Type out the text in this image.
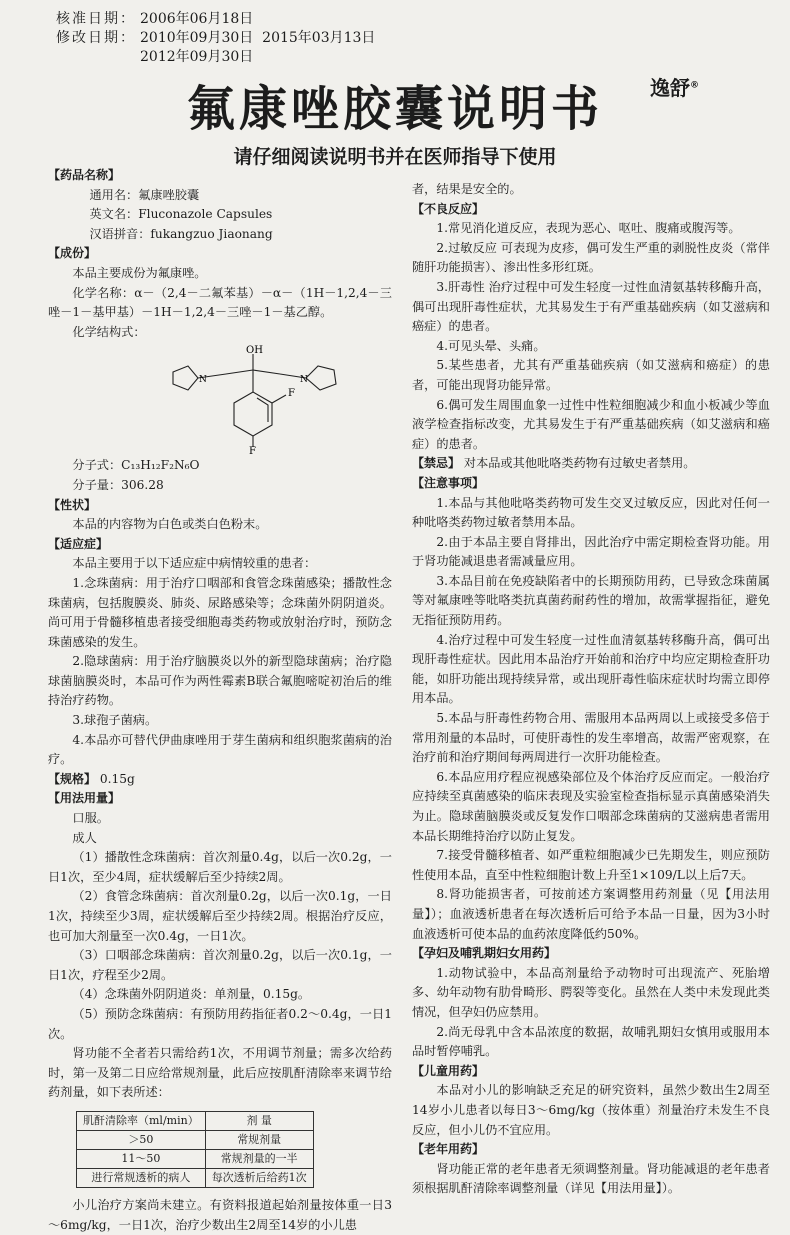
核准日期： 2006年06月18日
修改日期： 2010年09月30日 2015年03月13日
2012年09月30日
逸舒®
氟康唑胶囊说明书
请仔细阅读说明书并在医师指导下使用

【药品名称】

通用名：氟康唑胶囊

英文名：Fluconazole Capsules

汉语拼音：fukangzuo Jiaonang

【成份】

本品主要成份为氟康唑。

化学名称：α－（2,4－二氟苯基）－α－（1H－1,2,4－三唑－1－基甲基）－1H－1,2,4－三唑－1－基乙醇。

化学结构式：

OH
F
F
N	N

分子式：C₁₃H₁₂F₂N₆O

分子量：306.28

【性状】

本品的内容物为白色或类白色粉末。

【适应症】

本品主要用于以下适应症中病情较重的患者：

1.念珠菌病：用于治疗口咽部和食管念珠菌感染；播散性念珠菌病，包括腹膜炎、肺炎、尿路感染等；念珠菌外阴阴道炎。尚可用于骨髓移植患者接受细胞毒类药物或放射治疗时，预防念珠菌感染的发生。

2.隐球菌病：用于治疗脑膜炎以外的新型隐球菌病；治疗隐球菌脑膜炎时，本品可作为两性霉素B联合氟胞嘧啶初治后的维持治疗药物。

3.球孢子菌病。

4.本品亦可替代伊曲康唑用于芽生菌病和组织胞浆菌病的治疗。

【规格】 0.15g

【用法用量】

口服。

成人

（1）播散性念珠菌病：首次剂量0.4g，以后一次0.2g，一日1次，至少4周，症状缓解后至少持续2周。

（2）食管念珠菌病：首次剂量0.2g，以后一次0.1g，一日1次，持续至少3周，症状缓解后至少持续2周。根据治疗反应，也可加大剂量至一次0.4g，一日1次。

（3）口咽部念珠菌病：首次剂量0.2g，以后一次0.1g，一日1次，疗程至少2周。

（4）念珠菌外阴阴道炎：单剂量，0.15g。

（5）预防念珠菌病：有预防用药指征者0.2～0.4g，一日1次。

肾功能不全者若只需给药1次，不用调节剂量；需多次给药时，第一及第二日应给常规剂量，此后应按肌酐清除率来调节给药剂量，如下表所述：

肌酐清除率（ml/min）	剂 量
＞50	常规剂量
11～50	常规剂量的一半
进行常规透析的病人	每次透析后给药1次

小儿治疗方案尚未建立。有资料报道起始剂量按体重一日3～6mg/kg，一日1次，治疗少数出生2周至14岁的小儿患

者，结果是安全的。

【不良反应】

1.常见消化道反应，表现为恶心、呕吐、腹痛或腹泻等。

2.过敏反应 可表现为皮疹，偶可发生严重的剥脱性皮炎（常伴随肝功能损害）、渗出性多形红斑。

3.肝毒性 治疗过程中可发生轻度一过性血清氨基转移酶升高，偶可出现肝毒性症状，尤其易发生于有严重基础疾病（如艾滋病和癌症）的患者。

4.可见头晕、头痛。

5.某些患者，尤其有严重基础疾病（如艾滋病和癌症）的患者，可能出现肾功能异常。

6.偶可发生周围血象一过性中性粒细胞减少和血小板减少等血液学检查指标改变，尤其易发生于有严重基础疾病（如艾滋病和癌症）的患者。

【禁忌】 对本品或其他吡咯类药物有过敏史者禁用。

【注意事项】

1.本品与其他吡咯类药物可发生交叉过敏反应，因此对任何一种吡咯类药物过敏者禁用本品。

2.由于本品主要自肾排出，因此治疗中需定期检查肾功能。用于肾功能减退患者需减量应用。

3.本品目前在免疫缺陷者中的长期预防用药，已导致念珠菌属等对氟康唑等吡咯类抗真菌药耐药性的增加，故需掌握指征，避免无指征预防用药。

4.治疗过程中可发生轻度一过性血清氨基转移酶升高，偶可出现肝毒性症状。因此用本品治疗开始前和治疗中均应定期检查肝功能，如肝功能出现持续异常，或出现肝毒性临床症状时均需立即停用本品。

5.本品与肝毒性药物合用、需服用本品两周以上或接受多倍于常用剂量的本品时，可使肝毒性的发生率增高，故需严密观察，在治疗前和治疗期间每两周进行一次肝功能检查。

6.本品应用疗程应视感染部位及个体治疗反应而定。一般治疗应持续至真菌感染的临床表现及实验室检查指标显示真菌感染消失为止。隐球菌脑膜炎或反复发作口咽部念珠菌病的艾滋病患者需用本品长期维持治疗以防止复发。

7.接受骨髓移植者、如严重粒细胞减少已先期发生，则应预防性使用本品，直至中性粒细胞计数上升至1×109/L以上后7天。

8.肾功能损害者，可按前述方案调整用药剂量（见【用法用量】）；血液透析患者在每次透析后可给予本品一日量，因为3小时血液透析可使本品的血药浓度降低约50%。

【孕妇及哺乳期妇女用药】

1.动物试验中，本品高剂量给予动物时可出现流产、死胎增多、幼年动物有肋骨畸形、腭裂等变化。虽然在人类中未发现此类情况，但孕妇仍应禁用。

2.尚无母乳中含本品浓度的数据，故哺乳期妇女慎用或服用本品时暂停哺乳。

【儿童用药】

本品对小儿的影响缺乏充足的研究资料，虽然少数出生2周至14岁小儿患者以每日3～6mg/kg（按体重）剂量治疗未发生不良反应，但小儿仍不宜应用。

【老年用药】

肾功能正常的老年患者无须调整剂量。肾功能减退的老年患者须根据肌酐清除率调整剂量（详见【用法用量】）。
